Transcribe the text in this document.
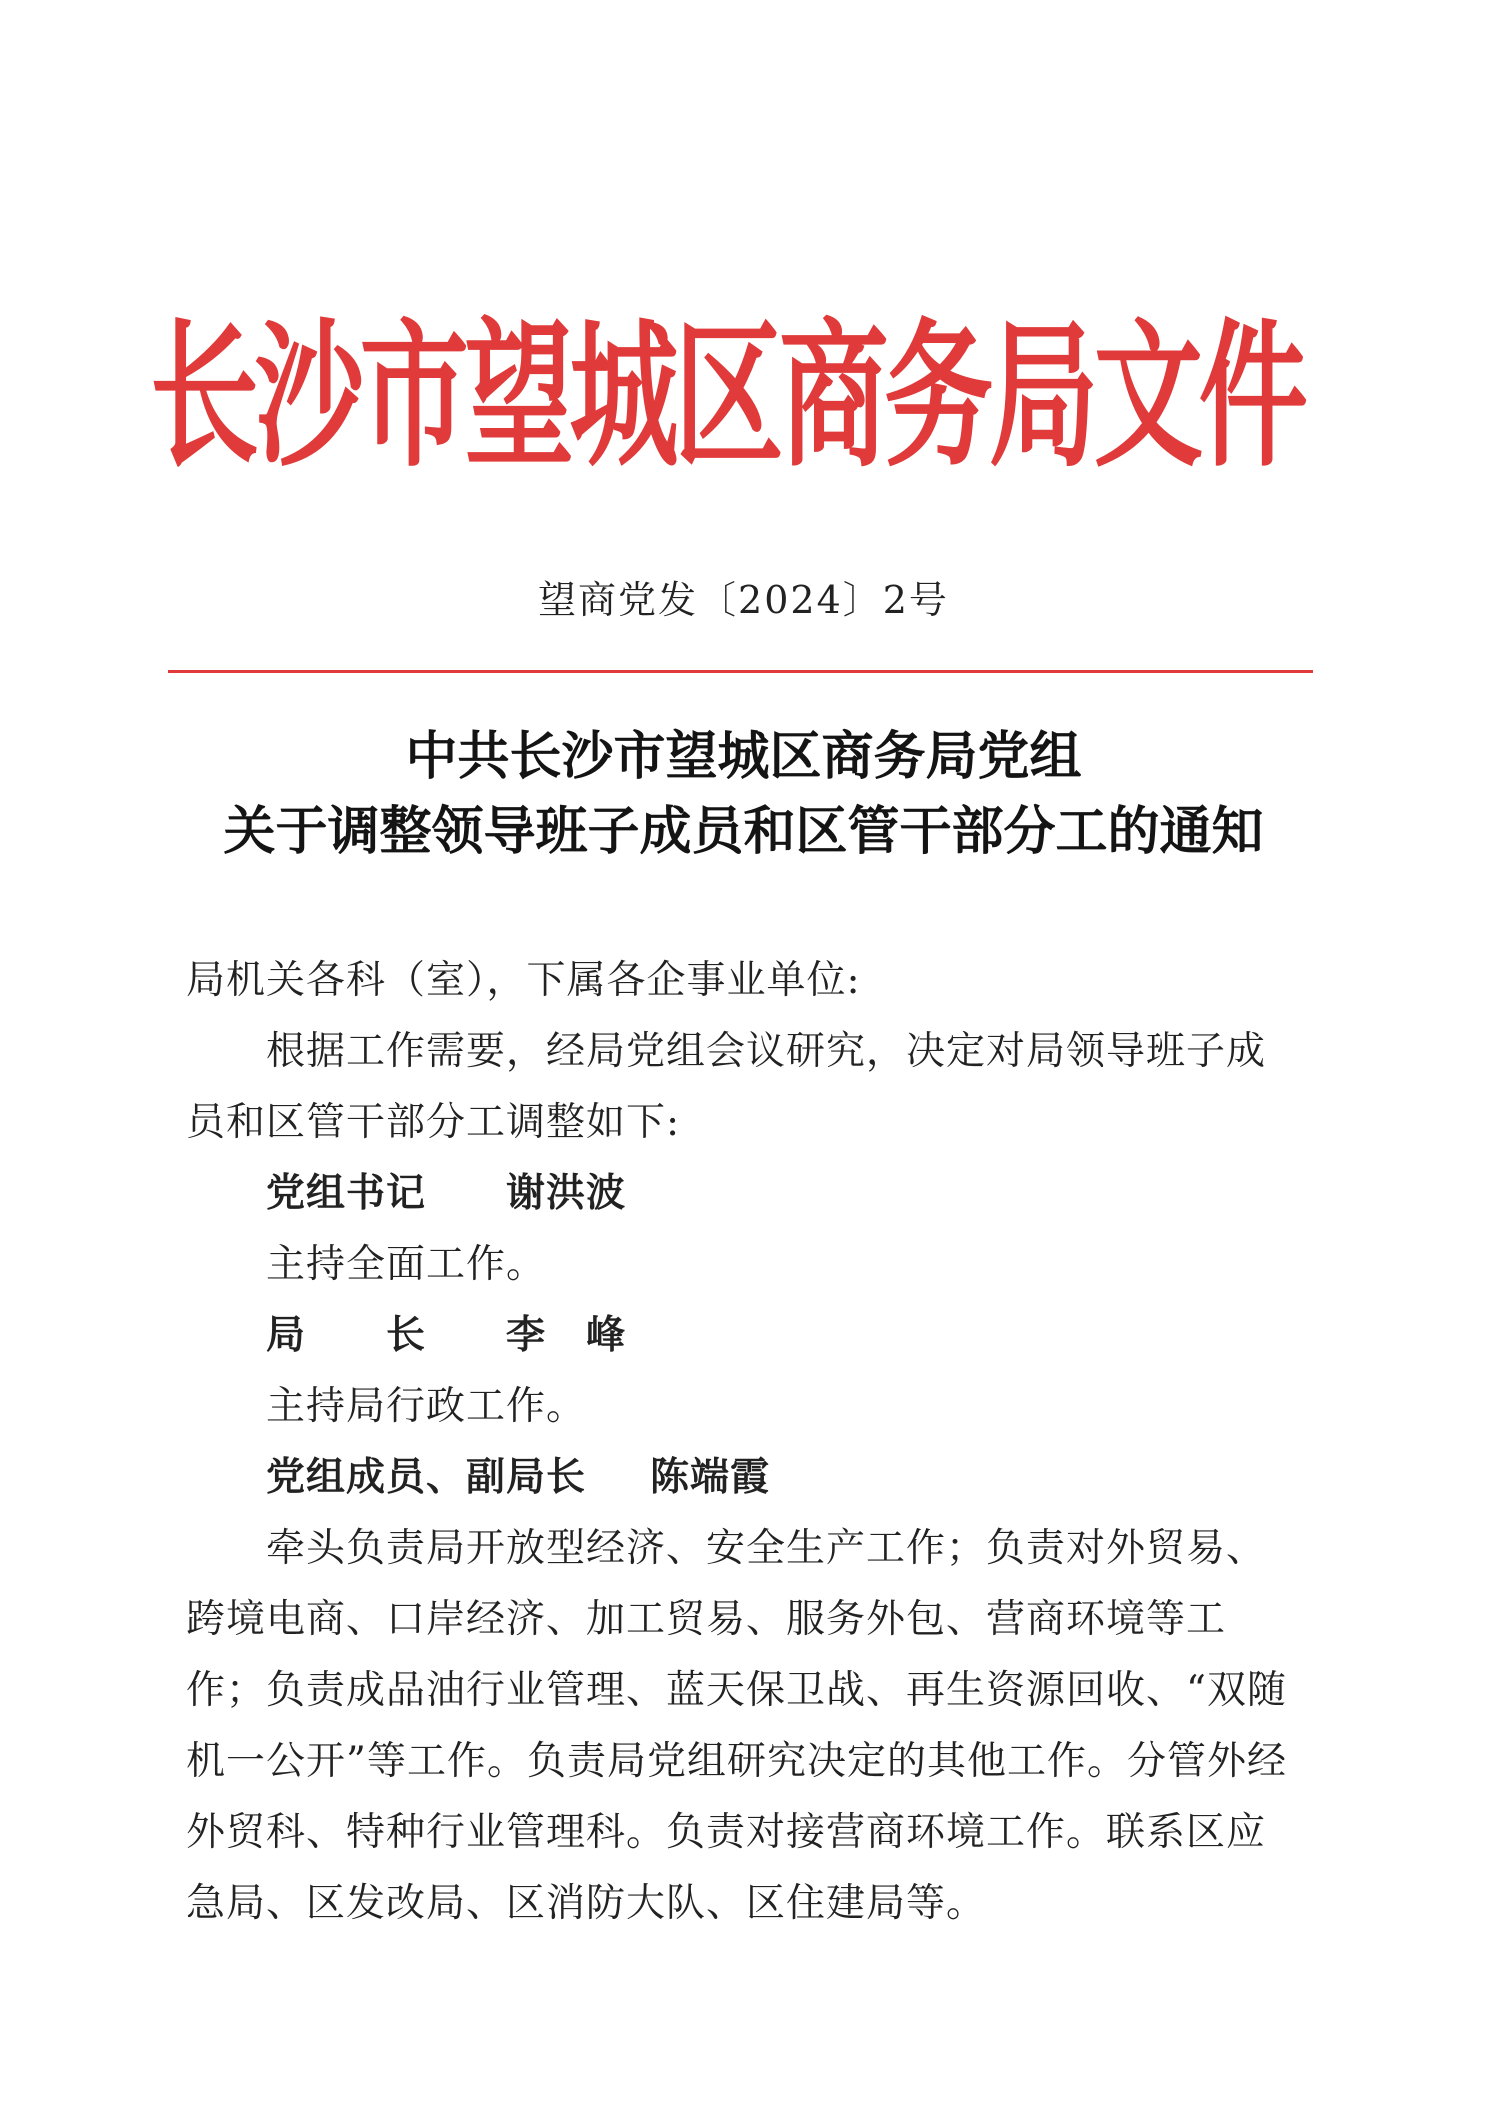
长沙市望城区商务局文件
望商党发〔2024〕2号
中共长沙市望城区商务局党组
关于调整领导班子成员和区管干部分工的通知

局机关各科（室），下属各企事业单位:

根据工作需要，经局党组会议研究，决定对局领导班子成员和区管干部分工调整如下:

党组书记 谢洪波

主持全面工作。

局　　长 李　峰

主持局行政工作。

党组成员、副局长 陈端霞

牵头负责局开放型经济、安全生产工作；负责对外贸易、跨境电商、口岸经济、加工贸易、服务外包、营商环境等工作；负责成品油行业管理、蓝天保卫战、再生资源回收、“双随机一公开”等工作。负责局党组研究决定的其他工作。分管外经外贸科、特种行业管理科。负责对接营商环境工作。联系区应急局、区发改局、区消防大队、区住建局等。
